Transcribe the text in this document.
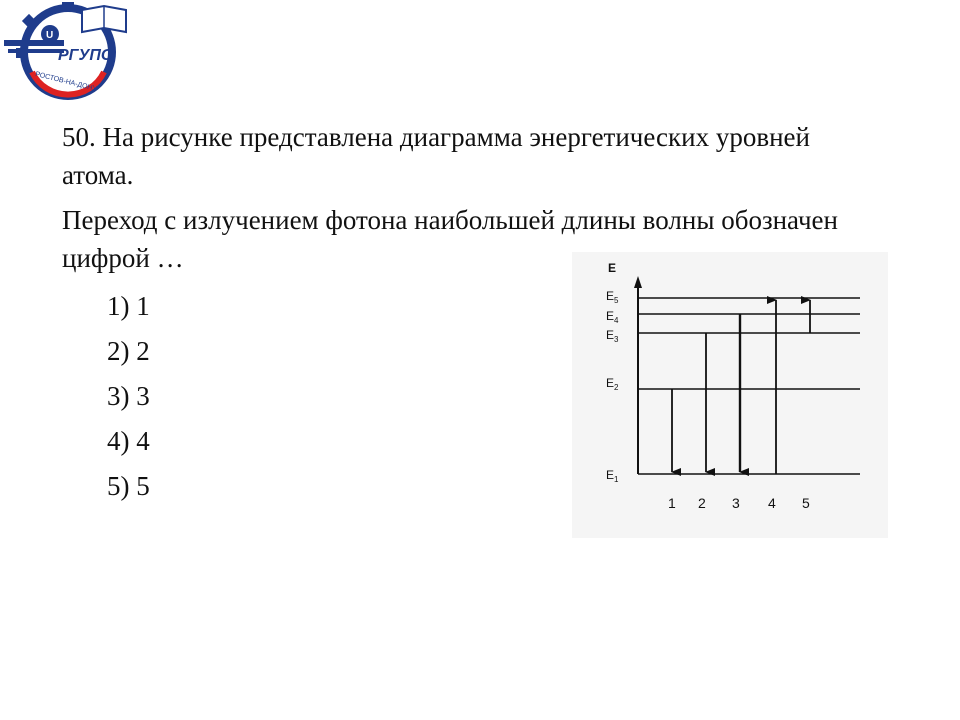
U
РГУПС
РОСТОВ-НА-ДОНУ

50. На рисунке представлена диаграмма энергетических уровней атома.

Переход с излучением фотона наибольшей длины волны обозначен цифрой …

1) 1
2) 2
3) 3
4) 4
5) 5
E
$E_5$
$E_4$
$E_3$
$E_2$
$E_1$
1 2 3 4 5
